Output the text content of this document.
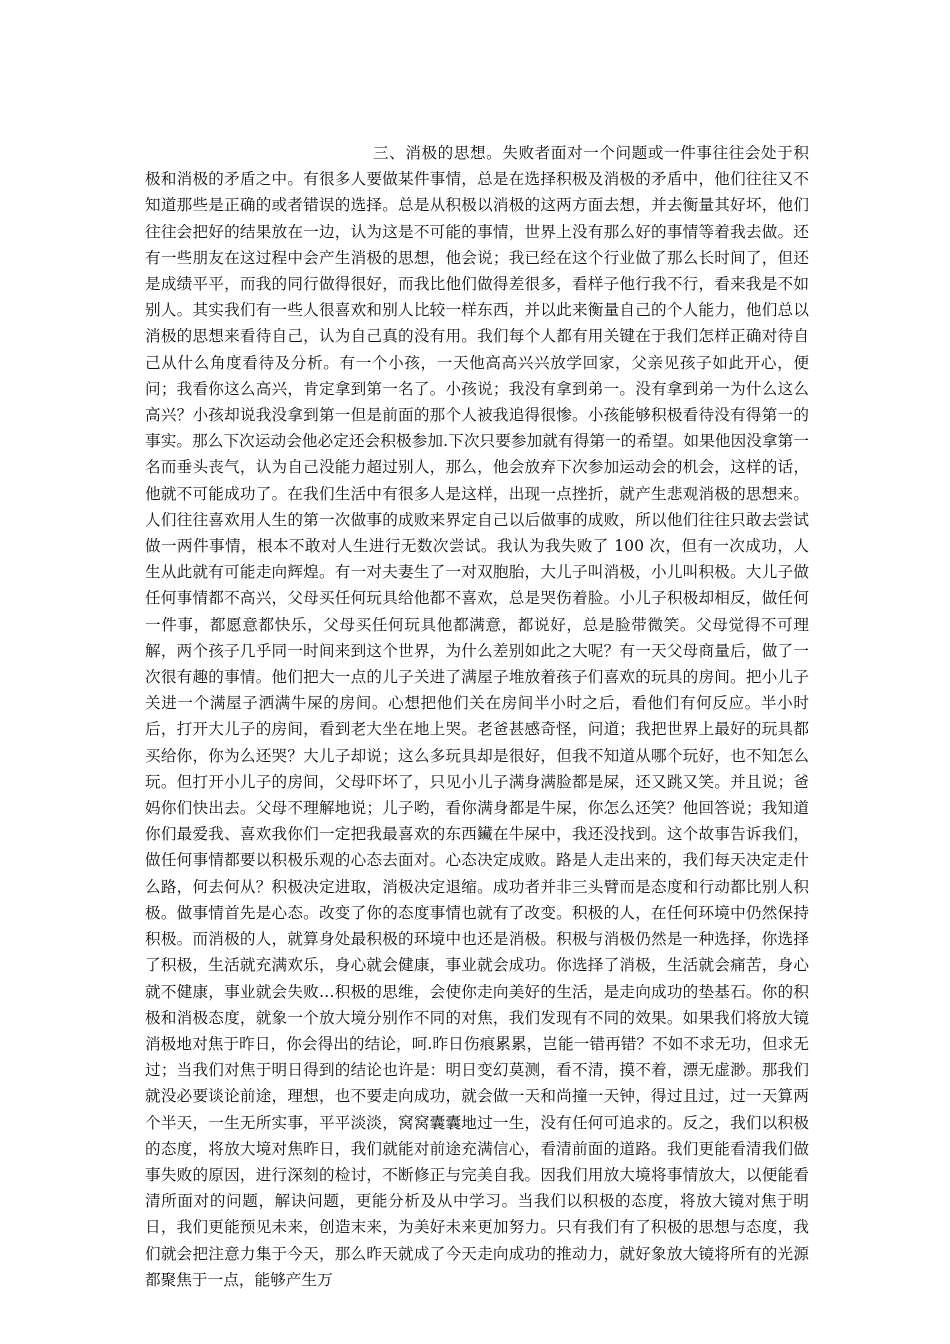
三、消极的思想。失败者面对一个问题或一件事往往会处于积极和消极的矛盾之中。有很多人要做某件事情，总是在选择积极及消极的矛盾中，他们往往又不知道那些是正确的或者错误的选择。总是从积极以消极的这两方面去想，并去衡量其好坏，他们往往会把好的结果放在一边，认为这是不可能的事情，世界上没有那么好的事情等着我去做。还有一些朋友在这过程中会产生消极的思想，他会说；我已经在这个行业做了那么长时间了，但还是成绩平平，而我的同行做得很好，而我比他们做得差很多，看样子他行我不行，看来我是不如别人。其实我们有一些人很喜欢和别人比较一样东西，并以此来衡量自己的个人能力，他们总以消极的思想来看待自己，认为自己真的没有用。我们每个人都有用关键在于我们怎样正确对待自己从什么角度看待及分析。有一个小孩，一天他高高兴兴放学回家，父亲见孩子如此开心，便问；我看你这么高兴，肯定拿到第一名了。小孩说；我没有拿到弟一。没有拿到弟一为什么这么高兴？小孩却说我没拿到第一但是前面的那个人被我追得很惨。小孩能够积极看待没有得第一的事实。那么下次运动会他必定还会积极参加.下次只要参加就有得第一的希望。如果他因没拿第一名而垂头丧气，认为自己没能力超过别人，那么，他会放弃下次参加运动会的机会，这样的话，他就不可能成功了。在我们生活中有很多人是这样，出现一点挫折，就产生悲观消极的思想来。人们往往喜欢用人生的第一次做事的成败来界定自己以后做事的成败，所以他们往往只敢去尝试做一两件事情，根本不敢对人生进行无数次尝试。我认为我失败了 100 次，但有一次成功，人生从此就有可能走向辉煌。有一对夫妻生了一对双胞胎，大儿子叫消极，小儿叫积极。大儿子做任何事情都不高兴，父母买任何玩具给他都不喜欢，总是哭伤着脸。小儿子积极却相反，做任何一件事，都愿意都快乐，父母买任何玩具他都满意，都说好，总是脸带微笑。父母觉得不可理解，两个孩子几乎同一时间来到这个世界，为什么差别如此之大呢？有一天父母商量后，做了一次很有趣的事情。他们把大一点的儿子关进了满屋子堆放着孩子们喜欢的玩具的房间。把小儿子关进一个满屋子洒满牛屎的房间。心想把他们关在房间半小时之后，看他们有何反应。半小时后，打开大儿子的房间，看到老大坐在地上哭。老爸甚感奇怪，问道；我把世界上最好的玩具都买给你，你为么还哭？大儿子却说；这么多玩具却是很好，但我不知道从哪个玩好，也不知怎么玩。但打开小儿子的房间，父母吓坏了，只见小儿子满身满脸都是屎，还又跳又笑。并且说；爸妈你们快出去。父母不理解地说；儿子哟，看你满身都是牛屎，你怎么还笑？他回答说；我知道你们最爱我、喜欢我你们一定把我最喜欢的东西鑶在牛屎中，我还没找到。这个故事告诉我们，做任何事情都要以积极乐观的心态去面对。心态决定成败。路是人走出来的，我们每天决定走什么路，何去何从？积极决定进取，消极决定退缩。成功者并非三头臂而是态度和行动都比别人积极。做事情首先是心态。改变了你的态度事情也就有了改变。积极的人，在任何环境中仍然保持积极。而消极的人，就算身处最积极的环境中也还是消极。积极与消极仍然是一种选择，你选择了积极，生活就充满欢乐，身心就会健康，事业就会成功。你选择了消极，生活就会痛苦，身心就不健康，事业就会失败…积极的思维，会使你走向美好的生活，是走向成功的垫基石。你的积极和消极态度，就象一个放大境分别作不同的对焦，我们发现有不同的效果。如果我们将放大镜消极地对焦于昨日，你会得出的结论，呵.昨日伤痕累累，岂能一错再错？不如不求无功，但求无过；当我们对焦于明日得到的结论也许是：明日变幻莫测，看不清，摸不着，漂无虚渺。那我们就没必要谈论前途，理想，也不要走向成功，就会做一天和尚撞一天钟，得过且过，过一天算两个半天，一生无所实事，平平淡淡，窝窝囊囊地过一生，没有任何可追求的。反之，我们以积极的态度，将放大境对焦昨日，我们就能对前途充满信心，看清前面的道路。我们更能看清我们做事失败的原因，进行深刻的检讨，不断修正与完美自我。因我们用放大境将事情放大，以便能看清所面对的问题，解诀问题，更能分析及从中学习。当我们以积极的态度，将放大镜对焦于明日，我们更能预见未来，创造末来，为美好未来更加努力。只有我们有了积极的思想与态度，我们就会把注意力集于今天，那么昨天就成了今天走向成功的推动力，就好象放大镜将所有的光源都聚焦于一点，能够产生万
